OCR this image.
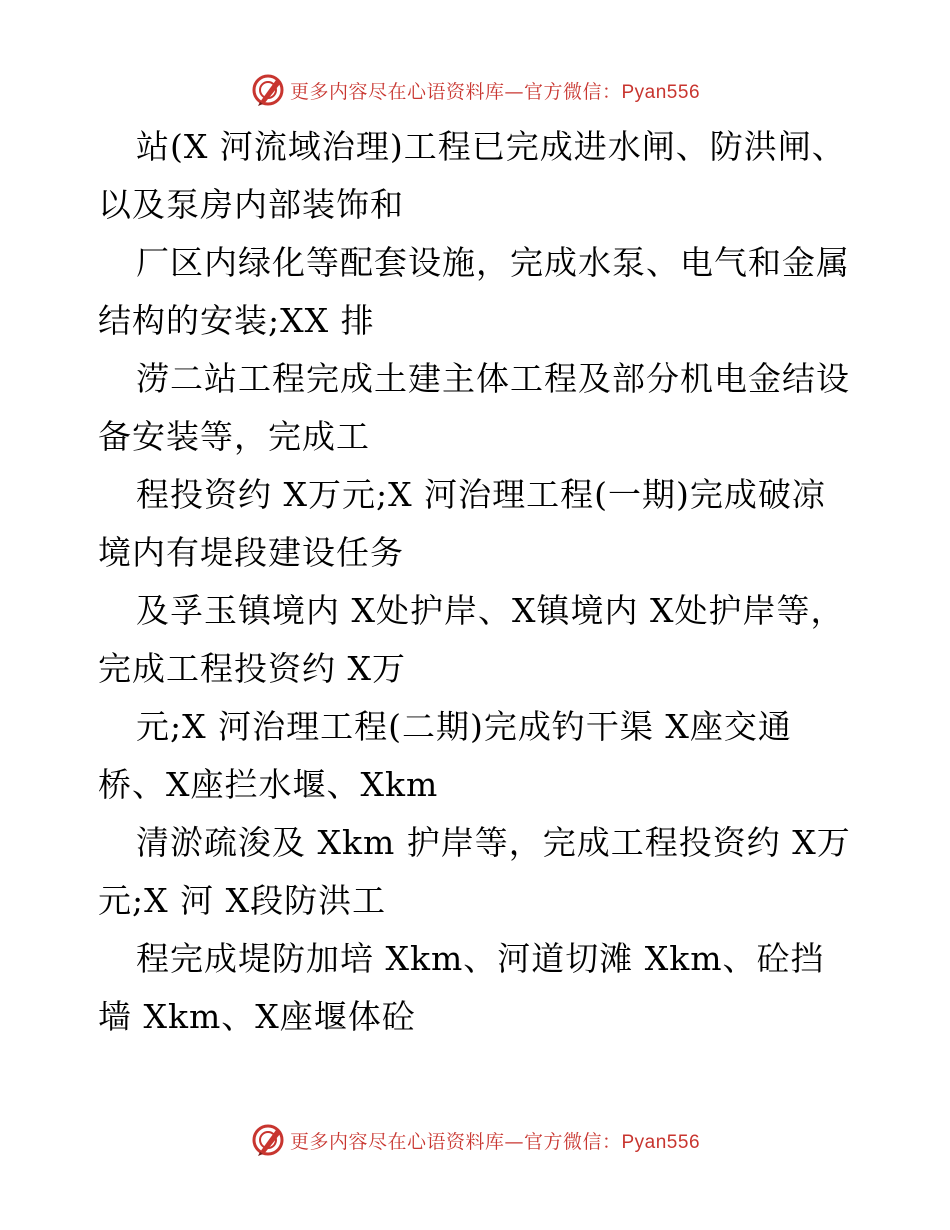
更多内容尽在心语资料库—官方微信：Pyan556

站(X 河流域治理)工程已完成进水闸、防洪闸、以及泵房内部装饰和

厂区内绿化等配套设施，完成水泵、电气和金属结构的安装;XX 排

涝二站工程完成土建主体工程及部分机电金结设备安装等，完成工

程投资约 X万元;X 河治理工程(一期)完成破凉境内有堤段建设任务

及孚玉镇境内 X处护岸、X镇境内 X处护岸等，完成工程投资约 X万

元;X 河治理工程(二期)完成钓干渠 X座交通桥、X座拦水堰、Xkm

清淤疏浚及 Xkm 护岸等，完成工程投资约 X万元;X 河 X段防洪工

程完成堤防加培 Xkm、河道切滩 Xkm、砼挡墙 Xkm、X座堰体砼

更多内容尽在心语资料库—官方微信：Pyan556
